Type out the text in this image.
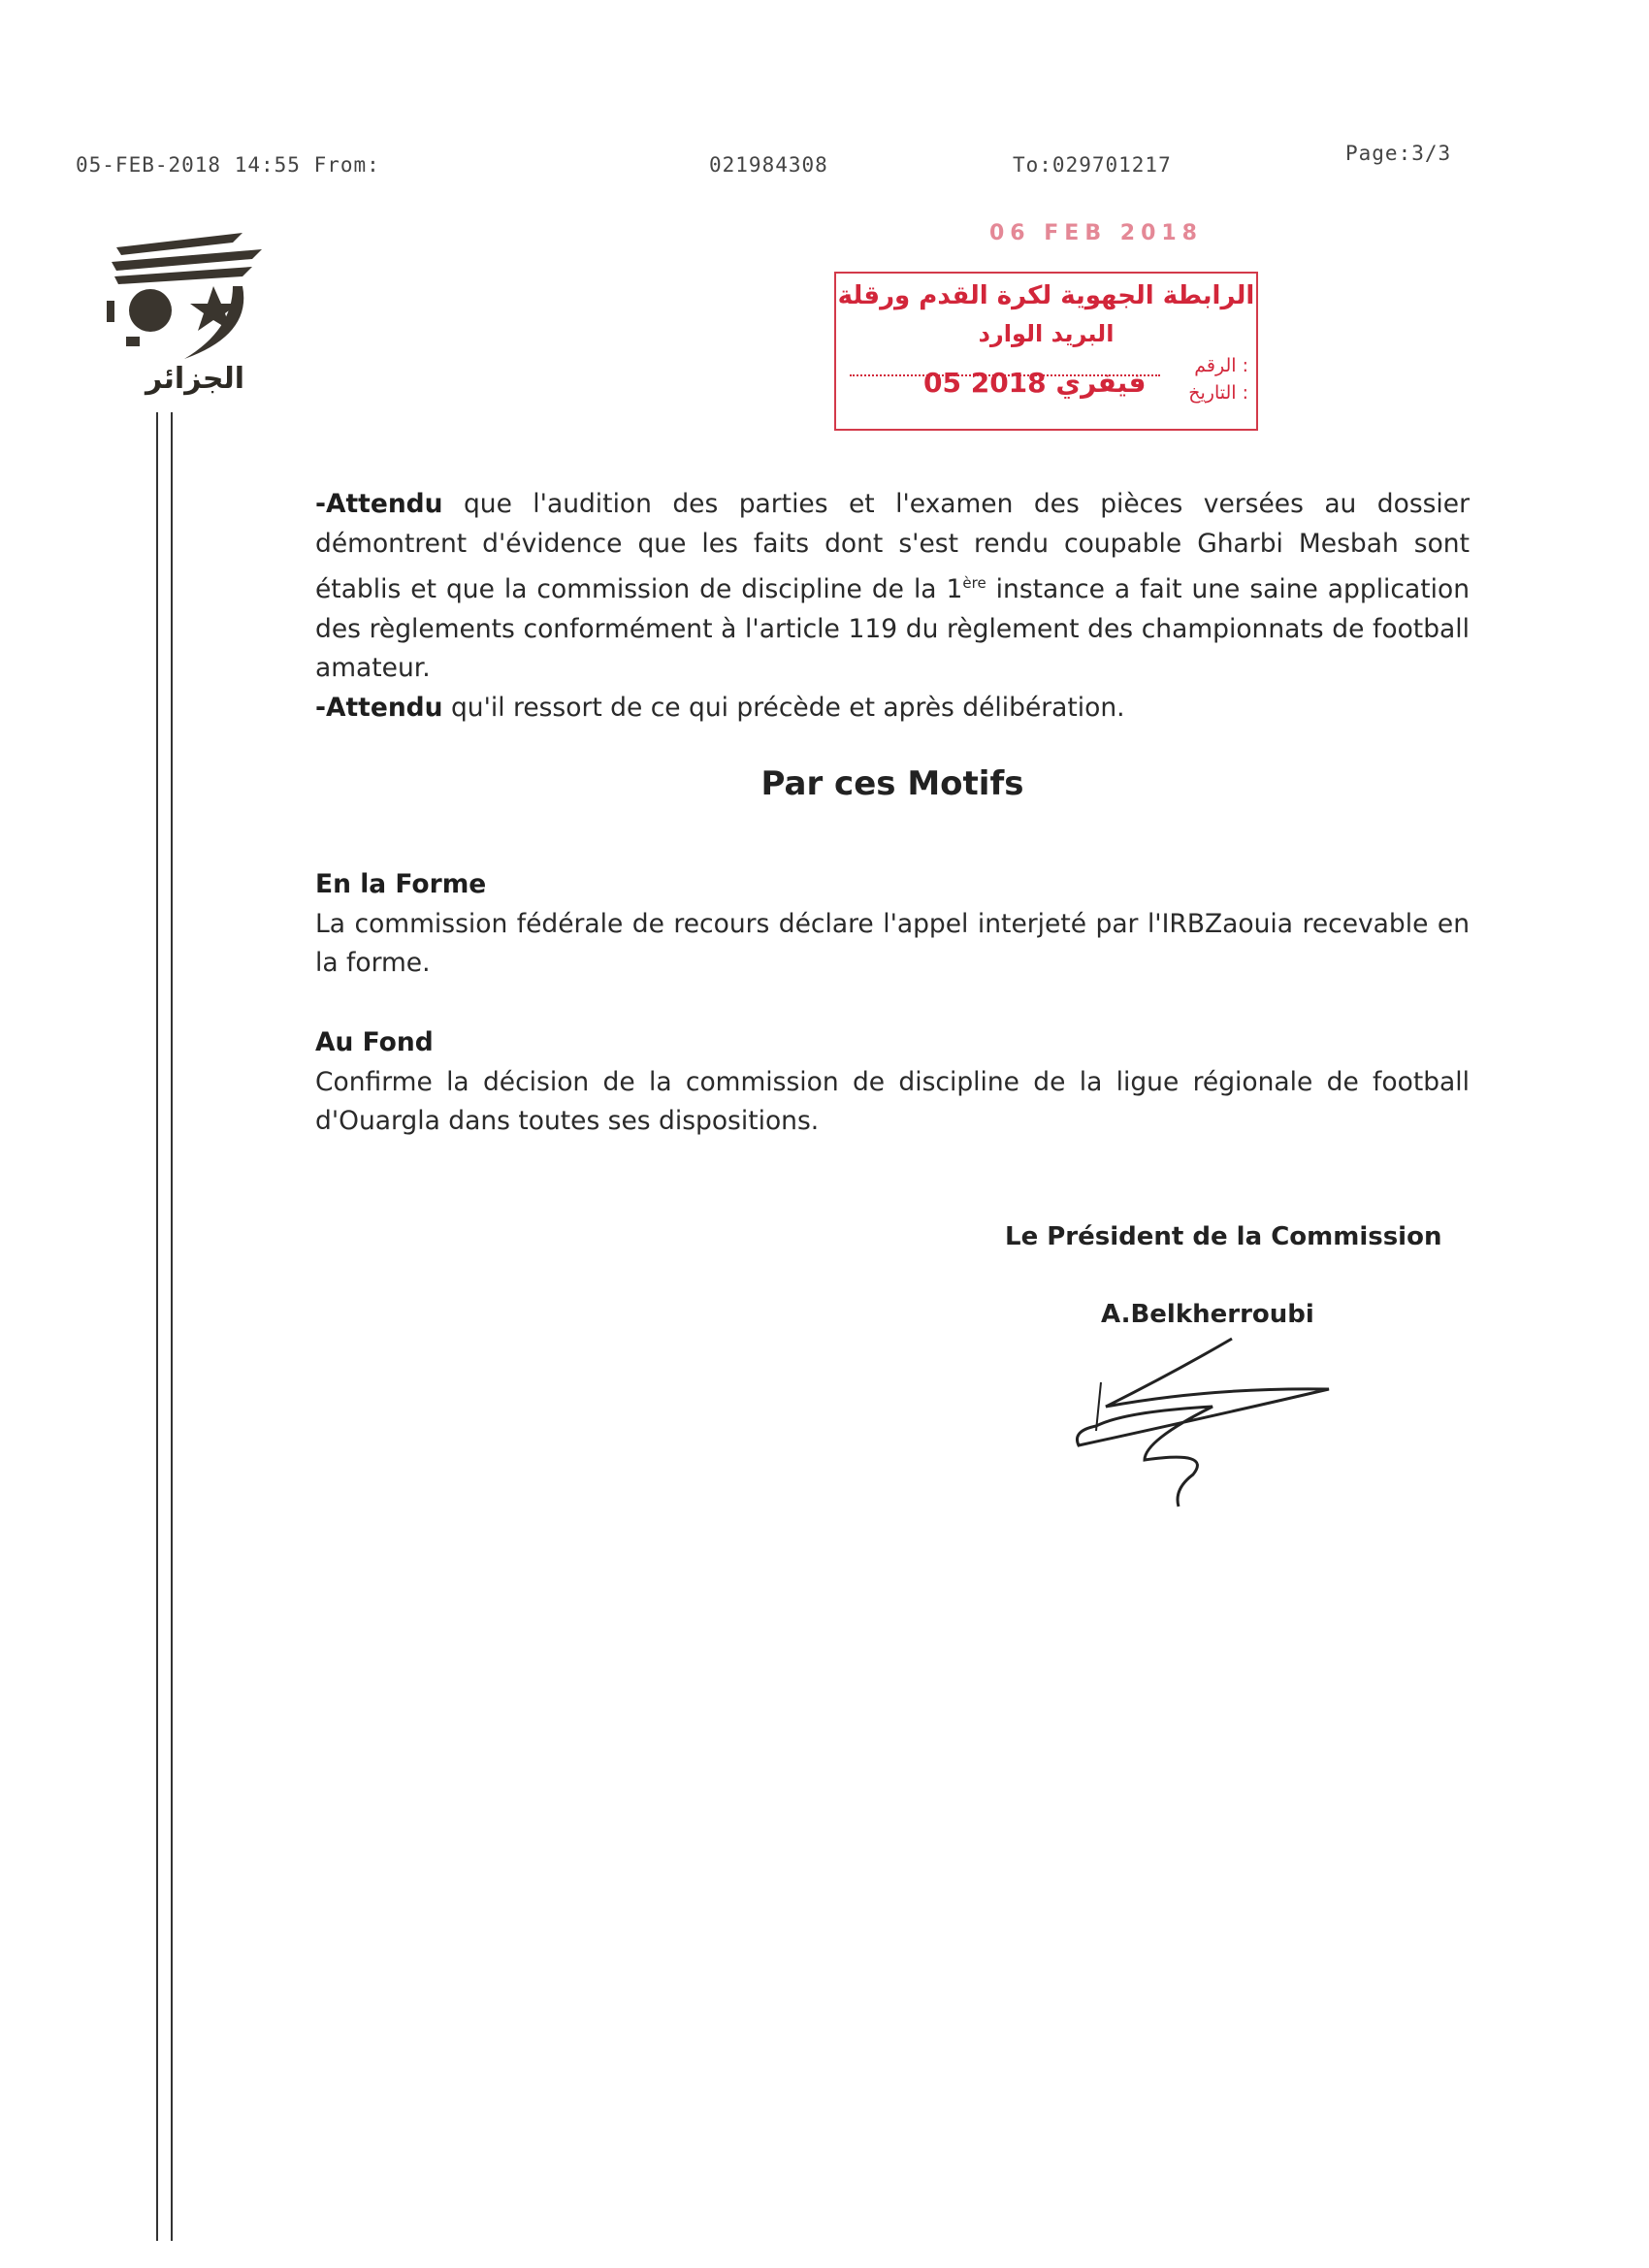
05-FEB-2018 14:55 From:	021984308	To:029701217	Page:3/3
الجزائر
06 FEB 2018
الرابطة الجهوية لكرة القدم ورقلة
البريد الوارد
الرقم :
التاريخ :
05 فيفري 2018

-Attendu que l'audition des parties et l'examen des pièces versées au dossier démontrent d'évidence que les faits dont s'est rendu coupable Gharbi Mesbah sont établis et que la commission de discipline de la 1ère instance a fait une saine application des règlements conformément à l'article 119 du règlement des championnats de football amateur.

-Attendu qu'il ressort de ce qui précède et après délibération.

Par ces Motifs

En la Forme

La commission fédérale de recours déclare l'appel interjeté par l'IRBZaouia recevable en la forme.

Au Fond

Confirme la décision de la commission de discipline de la ligue régionale de football d'Ouargla dans toutes ses dispositions.

Le Président de la Commission
A.Belkherroubi
